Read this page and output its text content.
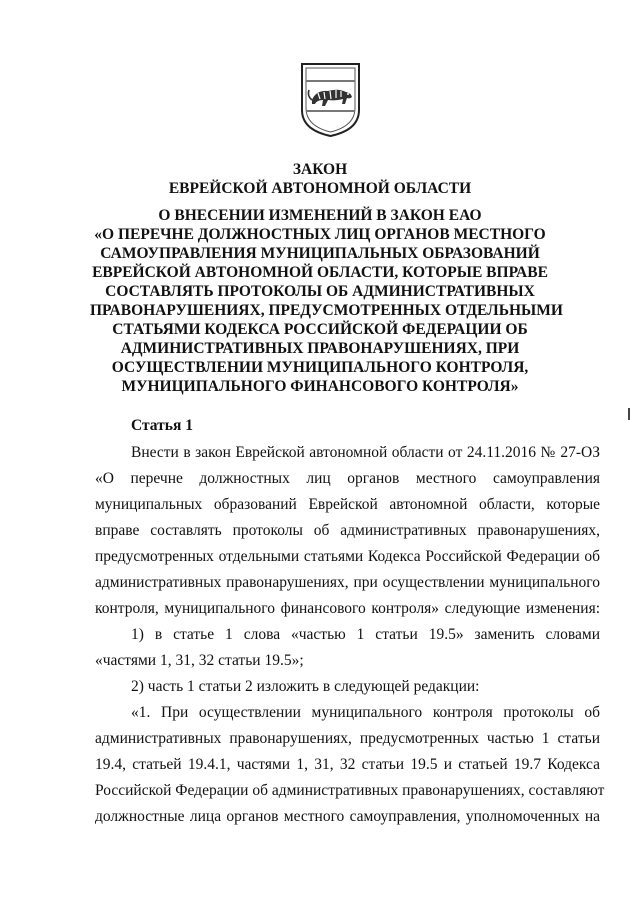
ЗАКОН
ЕВРЕЙСКОЙ АВТОНОМНОЙ ОБЛАСТИ
О ВНЕСЕНИИ ИЗМЕНЕНИЙ В ЗАКОН ЕАО
«О ПЕРЕЧНЕ ДОЛЖНОСТНЫХ ЛИЦ ОРГАНОВ МЕСТНОГО
САМОУПРАВЛЕНИЯ МУНИЦИПАЛЬНЫХ ОБРАЗОВАНИЙ
ЕВРЕЙСКОЙ АВТОНОМНОЙ ОБЛАСТИ, КОТОРЫЕ ВПРАВЕ
СОСТАВЛЯТЬ ПРОТОКОЛЫ ОБ АДМИНИСТРАТИВНЫХ
ПРАВОНАРУШЕНИЯХ, ПРЕДУСМОТРЕННЫХ ОТДЕЛЬНЫМИ
СТАТЬЯМИ КОДЕКСА РОССИЙСКОЙ ФЕДЕРАЦИИ ОБ
АДМИНИСТРАТИВНЫХ ПРАВОНАРУШЕНИЯХ, ПРИ
ОСУЩЕСТВЛЕНИИ МУНИЦИПАЛЬНОГО КОНТРОЛЯ,
МУНИЦИПАЛЬНОГО ФИНАНСОВОГО КОНТРОЛЯ»
Статья 1
Внести в закон Еврейской автономной области от 24.11.2016 № 27-ОЗ
«О перечне должностных лиц органов местного самоуправления
муниципальных образований Еврейской автономной области, которые
вправе составлять протоколы об административных правонарушениях,
предусмотренных отдельными статьями Кодекса Российской Федерации об
административных правонарушениях, при осуществлении муниципального
контроля, муниципального финансового контроля» следующие изменения:
1) в статье 1 слова «частью 1 статьи 19.5» заменить словами
«частями 1, 31, 32 статьи 19.5»;
2) часть 1 статьи 2 изложить в следующей редакции:
«1. При осуществлении муниципального контроля протоколы об
административных правонарушениях, предусмотренных частью 1 статьи
19.4, статьей 19.4.1, частями 1, 31, 32 статьи 19.5 и статьей 19.7 Кодекса
Российской Федерации об административных правонарушениях, составляют
должностные лица органов местного самоуправления, уполномоченных на
